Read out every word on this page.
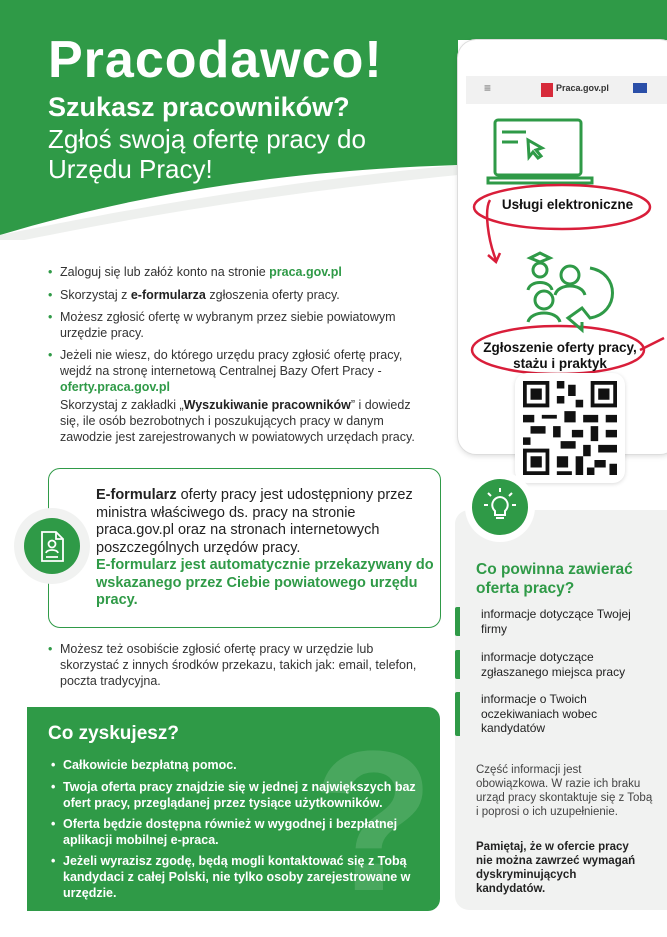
Pracodawco!
Szukasz pracowników?
Zgłoś swoją ofertę pracy do Urzędu Pracy!
• Zaloguj się lub załóż konto na stronie praca.gov.pl
• Skorzystaj z e-formularza zgłoszenia oferty pracy.
• Możesz zgłosić ofertę w wybranym przez siebie powiatowym urzędzie pracy.
• Jeżeli nie wiesz, do którego urzędu pracy zgłosić ofertę pracy, wejdź na stronę internetową Centralnej Bazy Ofert Pracy - oferty.praca.gov.pl
Skorzystaj z zakładki „Wyszukiwanie pracowników” i dowiedz się, ile osób bezrobotnych i poszukujących pracy w danym zawodzie jest zarejestrowanych w powiatowych urzędach pracy.
E-formularz oferty pracy jest udostępniony przez ministra właściwego ds. pracy na stronie praca.gov.pl oraz na stronach internetowych poszczególnych urzędów pracy.
E-formularz jest automatycznie przekazywany do wskazanego przez Ciebie powiatowego urzędu pracy.
• Możesz też osobiście zgłosić ofertę pracy w urzędzie lub skorzystać z innych środków przekazu, takich jak: email, telefon, poczta tradycyjna.
?
Co zyskujesz?
• Całkowicie bezpłatną pomoc.
• Twoja oferta pracy znajdzie się w jednej z największych baz ofert pracy, przeglądanej przez tysiące użytkowników.
• Oferta będzie dostępna również w wygodnej i bezpłatnej aplikacji mobilnej e-praca.
• Jeżeli wyrazisz zgodę, będą mogli kontaktować się z Tobą kandydaci z całej Polski, nie tylko osoby zarejestrowane w urzędzie.
≡	Praca.gov.pl
Usługi elektroniczne
Zgłoszenie oferty pracy, stażu i praktyk
Co powinna zawierać oferta pracy?
informacje dotyczące Twojej firmy
informacje dotyczące zgłaszanego miejsca pracy
informacje o Twoich oczekiwaniach wobec kandydatów
Część informacji jest obowiązkowa. W razie ich braku urząd pracy skontaktuje się z Tobą i poprosi o ich uzupełnienie.
Pamiętaj, że w ofercie pracy nie można zawrzeć wymagań dyskryminujących kandydatów.
